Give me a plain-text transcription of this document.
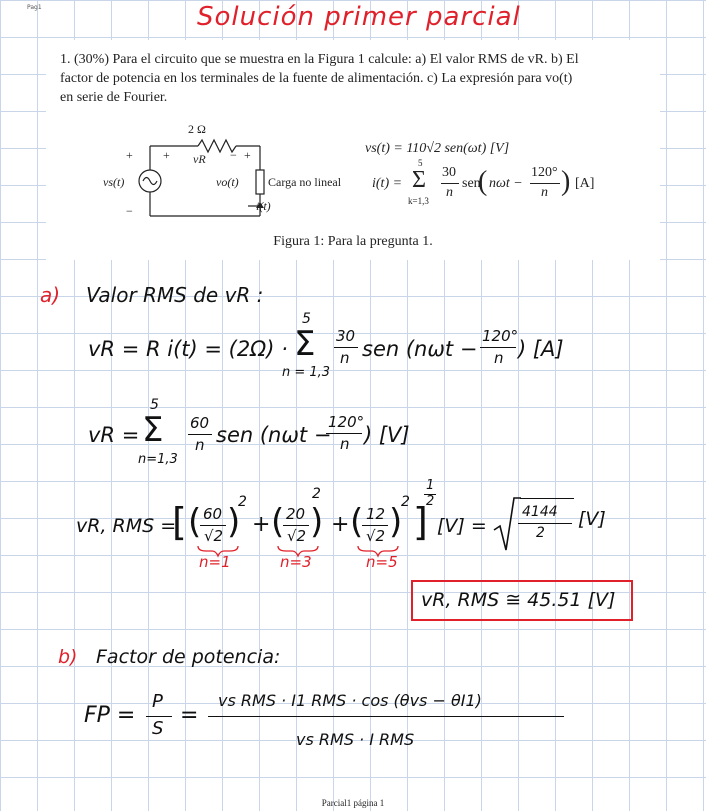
Pag1	Solución primer parcial
1. (30%) Para el circuito que se muestra en la Figura 1 calcule: a) El valor RMS de vR. b) El
factor de potencia en los terminales de la fuente de alimentación. c) La expresión para vo(t)
en serie de Fourier.
2 Ω
vR
+	+	− +
−
vs(t)	vo(t) Carga no lineal
i(t)
vs(t) = 110√2 sen(ωt) [V]
i(t) =
5
Σ
k=1,3
30
n
sen
( nωt −
120°
n ) [A]
Figura 1: Para la pregunta 1.
a) Valor RMS de vR :
vR = R i(t) = (2Ω) ·
5
Σ
n = 1,3
30
n sen (nωt −
120°
n ) [A]
vR =
5
Σ
n=1,3
60
n sen (nωt −
120°
n ) [V]
vR, RMS =
[ ( 60
√2 )
2
+ ( 20
√2 )
2
+ ( 12
√2 )
2 ]
1
2
[V] =
4144
2
[V]
n=1	n=3	n=5
vR, RMS ≅ 45.51 [V]
b) Factor de potencia:
FP =
P
S
=
vs RMS · I1 RMS · cos (θvs − θI1)
vs RMS · I RMS
Parcial1 página 1
